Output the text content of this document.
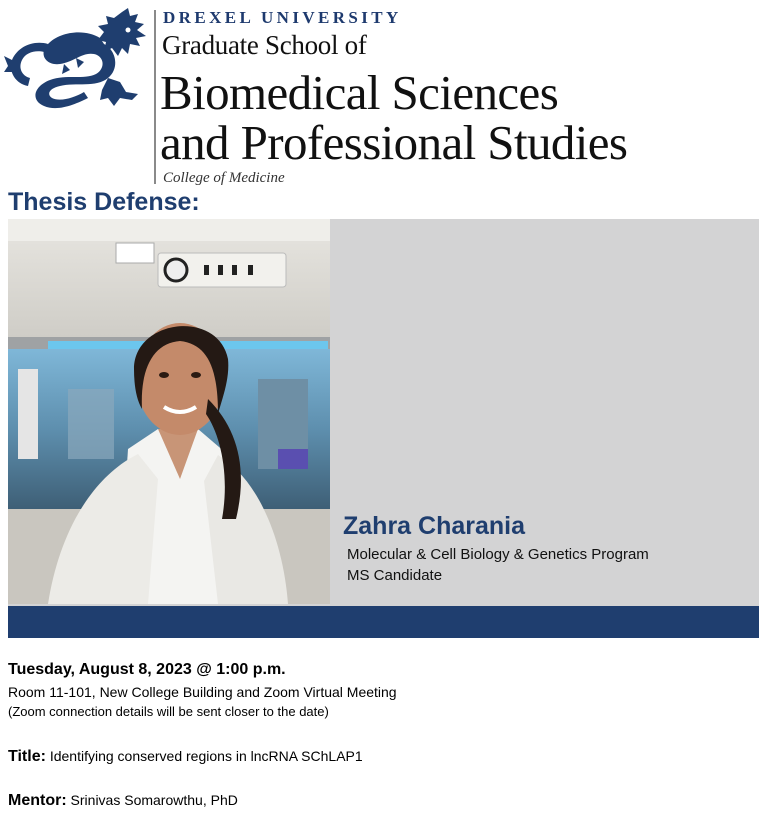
DREXEL UNIVERSITY
Graduate School of
Biomedical Sciences
and Professional Studies
College of Medicine
Thesis Defense:
Zahra Charania
Molecular & Cell Biology & Genetics Program
MS Candidate
Tuesday, August 8, 2023 @ 1:00 p.m.
Room 11-101, New College Building and Zoom Virtual Meeting
(Zoom connection details will be sent closer to the date)
Title: Identifying conserved regions in lncRNA SChLAP1
Mentor: Srinivas Somarowthu, PhD
